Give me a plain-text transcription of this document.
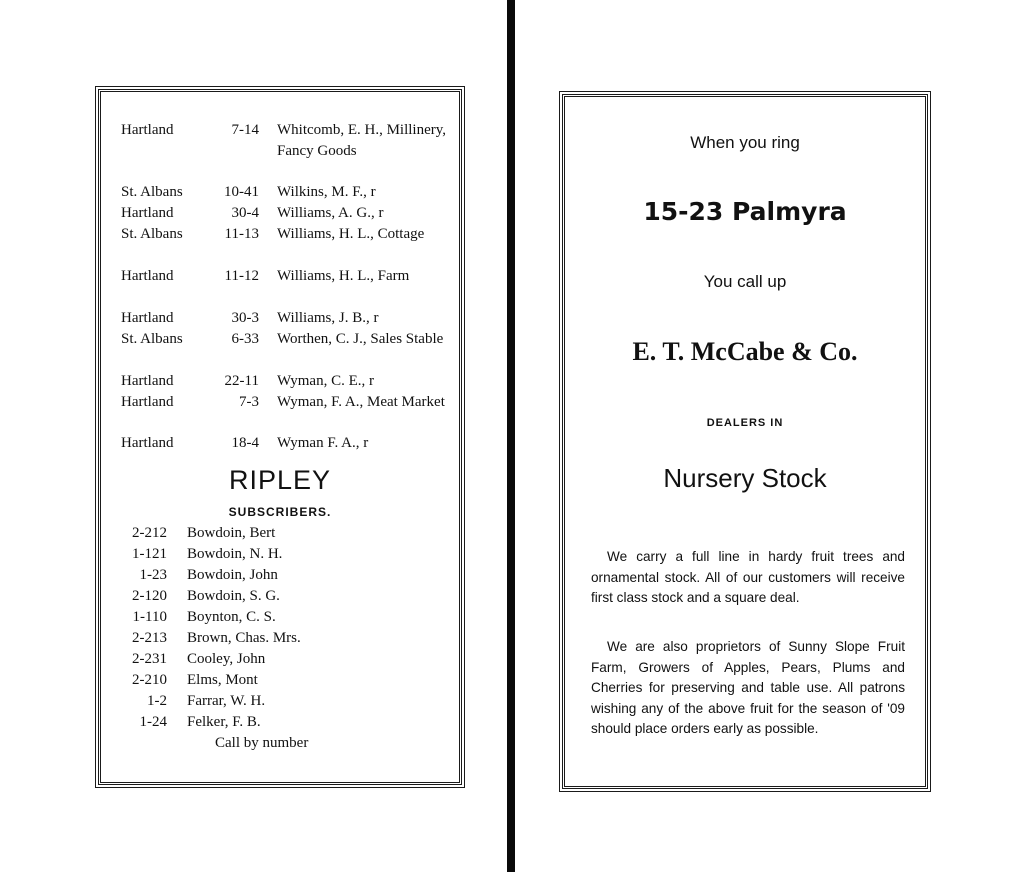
Hartland	7-14 Whitcomb, E. H., Millinery, Fancy Goods
St. Albans	10-41 Wilkins, M. F., r
Hartland	30-4 Williams, A. G., r
St. Albans	11-13 Williams, H. L., Cottage
Hartland	11-12 Williams, H. L., Farm
Hartland	30-3 Williams, J. B., r
St. Albans	6-33 Worthen, C. J., Sales Stable
Hartland	22-11 Wyman, C. E., r
Hartland	7-3 Wyman, F. A., Meat Market
Hartland	18-4 Wyman F. A., r
RIPLEY
SUBSCRIBERS.
2-212 Bowdoin, Bert
1-121 Bowdoin, N. H.
1-23 Bowdoin, John
2-120 Bowdoin, S. G.
1-110 Boynton, C. S.
2-213 Brown, Chas. Mrs.
2-231 Cooley, John
2-210 Elms, Mont
1-2 Farrar, W. H.
1-24 Felker, F. B.
Call by number
When you ring
15-23 Palmyra
You call up
E. T. McCabe & Co.
DEALERS IN
Nursery Stock
We carry a full line in hardy fruit trees and ornamental stock. All of our customers will receive first class stock and a square deal.
We are also proprietors of Sunny Slope Fruit Farm, Growers of Apples, Pears, Plums and Cherries for preserving and table use. All patrons wishing any of the above fruit for the season of '09 should place orders early as possible.
